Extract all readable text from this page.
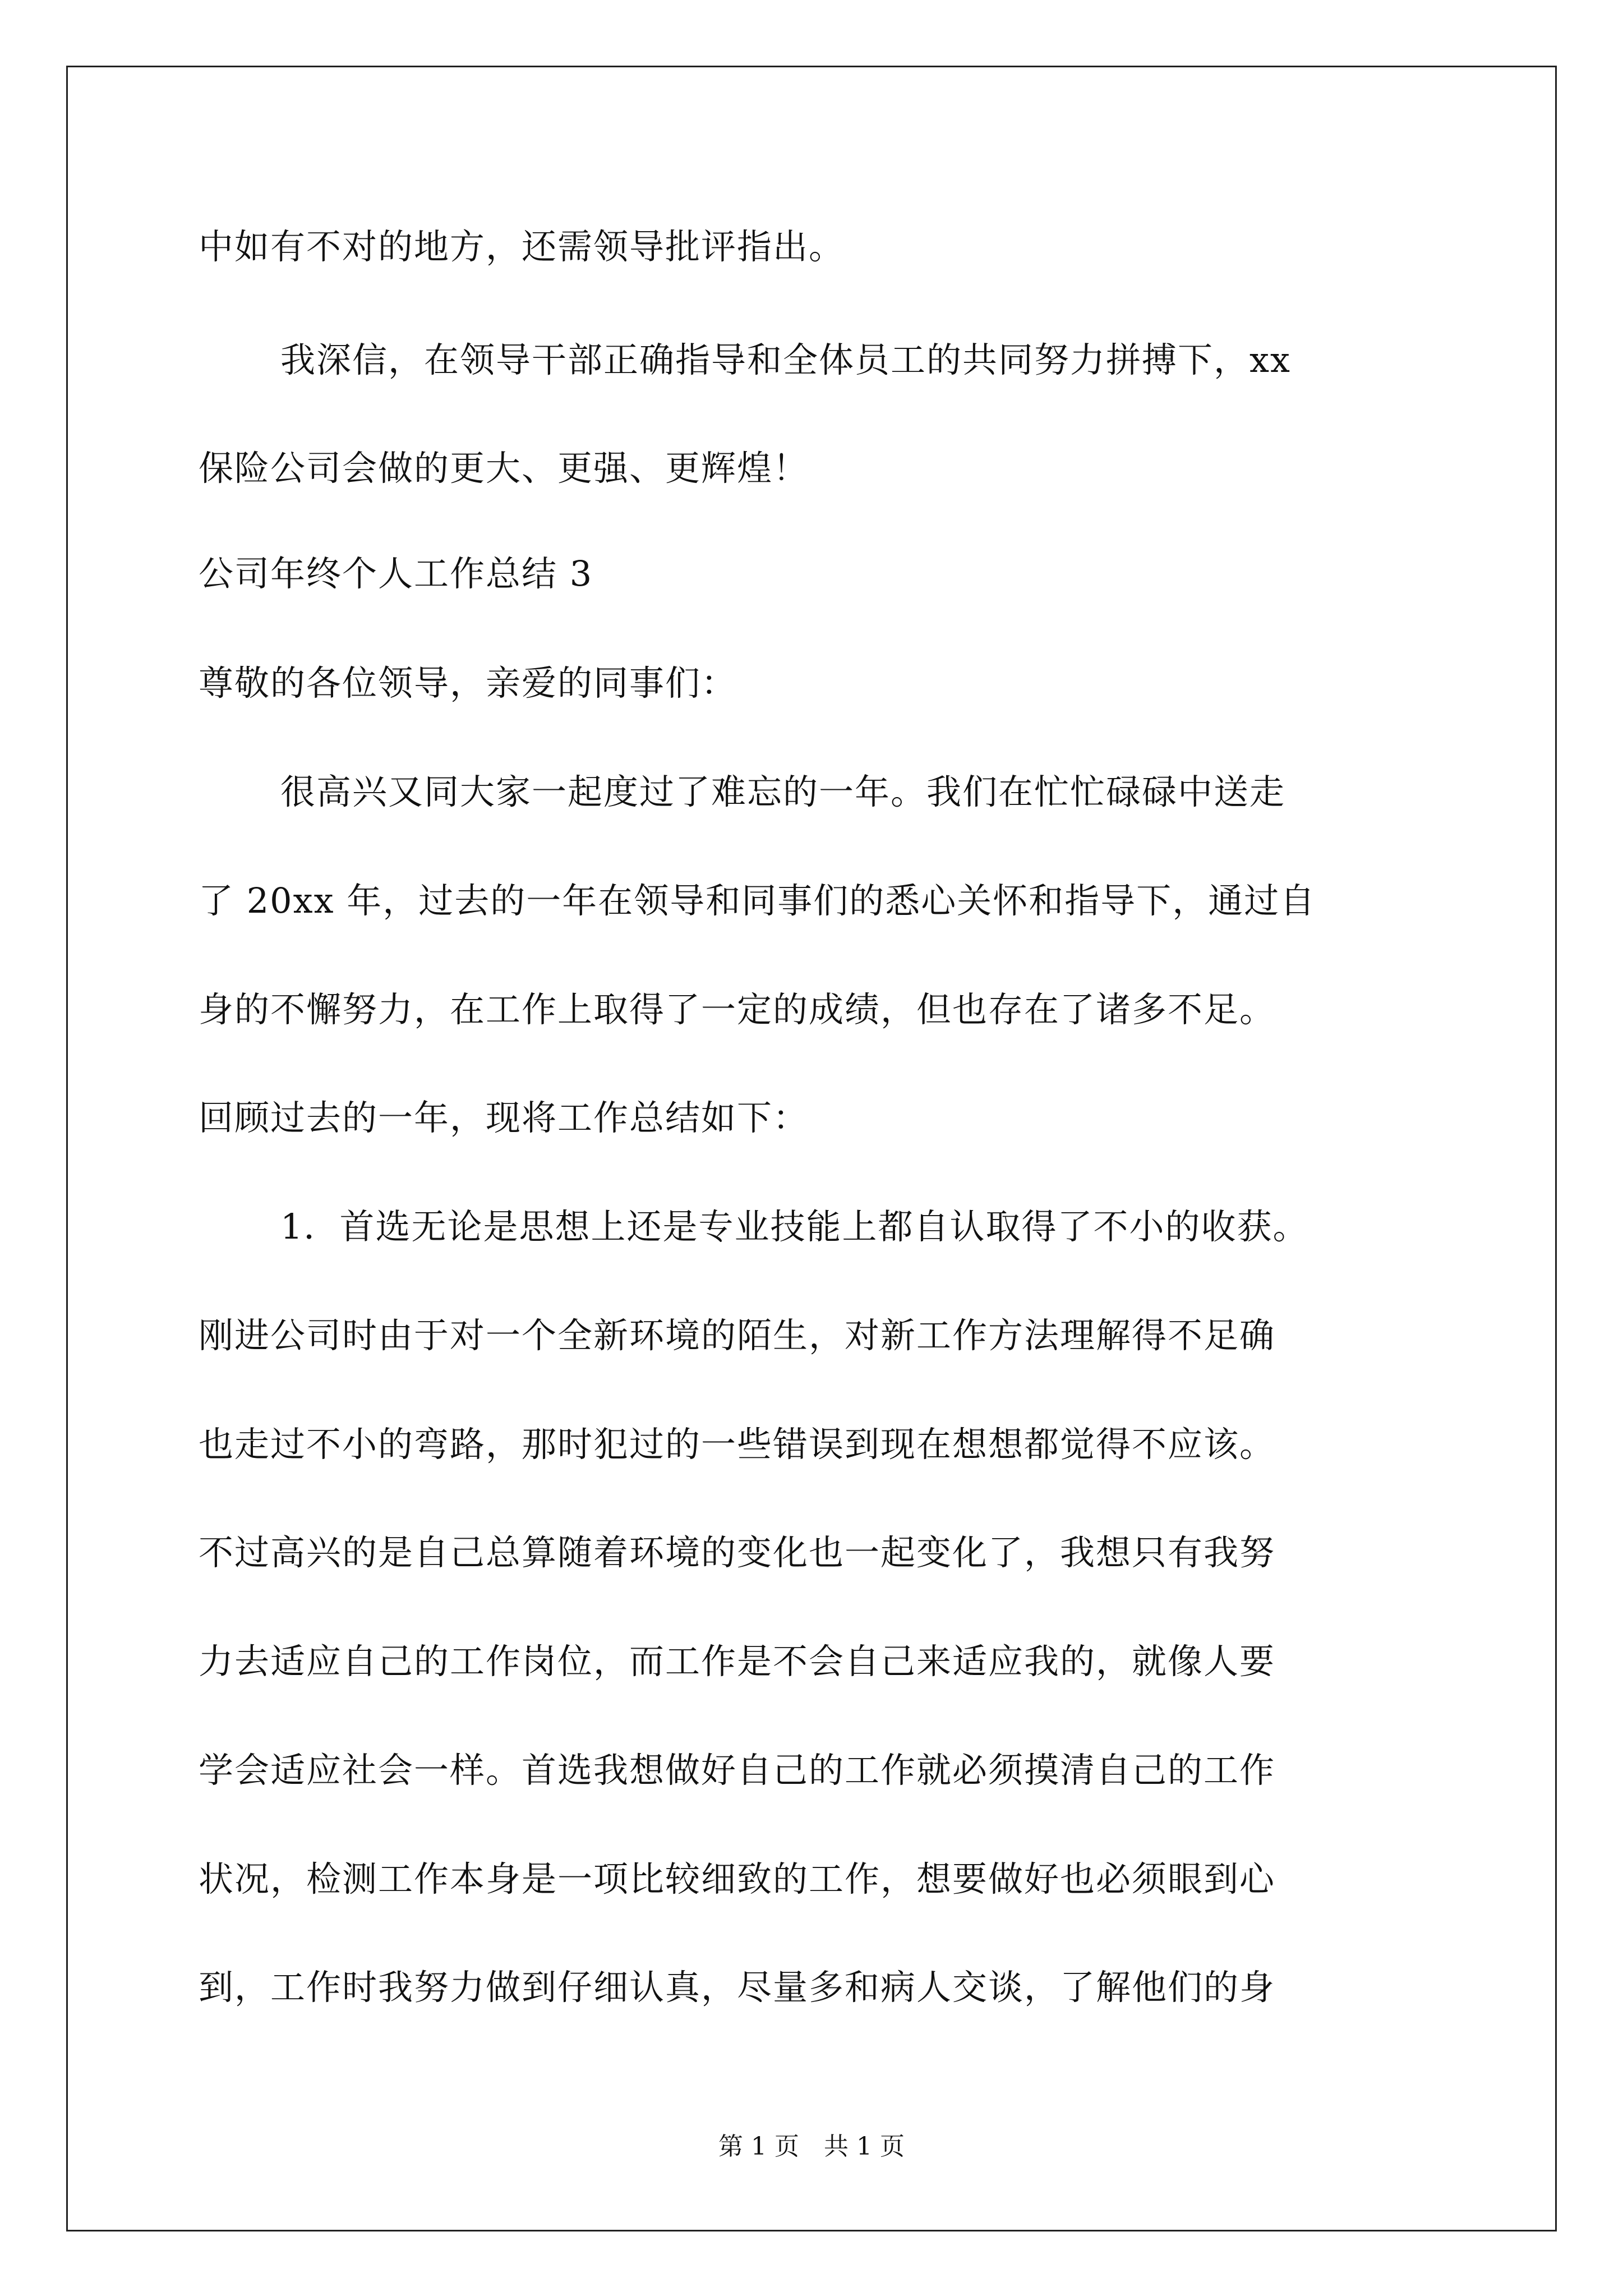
中如有不对的地方，还需领导批评指出。
我深信，在领导干部正确指导和全体员工的共同努力拼搏下，xx
保险公司会做的更大、更强、更辉煌！
公司年终个人工作总结 3
尊敬的各位领导，亲爱的同事们：
很高兴又同大家一起度过了难忘的一年。我们在忙忙碌碌中送走
了 20xx 年，过去的一年在领导和同事们的悉心关怀和指导下，通过自
身的不懈努力，在工作上取得了一定的成绩，但也存在了诸多不足。
回顾过去的一年，现将工作总结如下：
1．首选无论是思想上还是专业技能上都自认取得了不小的收获。
刚进公司时由于对一个全新环境的陌生，对新工作方法理解得不足确
也走过不小的弯路，那时犯过的一些错误到现在想想都觉得不应该。
不过高兴的是自己总算随着环境的变化也一起变化了，我想只有我努
力去适应自己的工作岗位，而工作是不会自己来适应我的，就像人要
学会适应社会一样。首选我想做好自己的工作就必须摸清自己的工作
状况，检测工作本身是一项比较细致的工作，想要做好也必须眼到心
到，工作时我努力做到仔细认真，尽量多和病人交谈，了解他们的身
第 1 页　共 1 页
